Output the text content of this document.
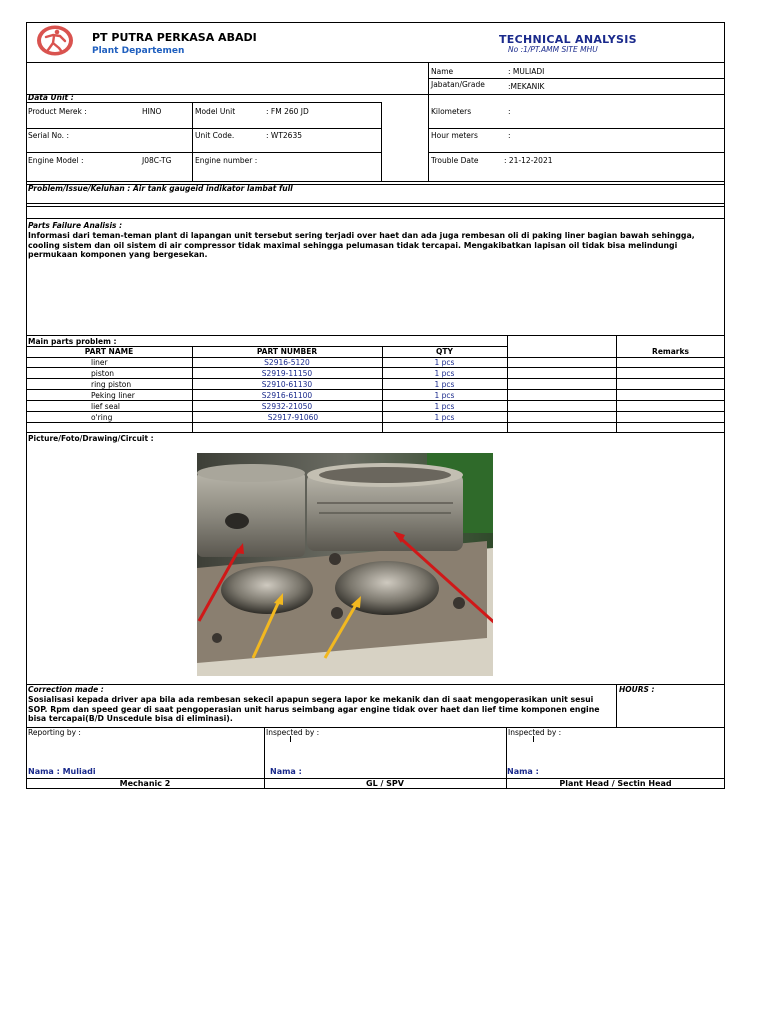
PT PUTRA PERKASA ABADI
Plant Departemen
TECHNICAL ANALYSIS
No :1/PT.AMM SITE MHU
Name	: MULIADI
Jabatan/Grade	:MEKANIK
Data Unit :
Product Merek :	HINO	Model Unit	: FM 260 JD	Kilometers	:
Serial No. :	Unit Code.	: WT2635	Hour meters	:
Engine Model :	J08C-TG	Engine number :	Trouble Date	: 21-12-2021
Problem/Issue/Keluhan : Air tank gaugeid indikator lambat full
Parts Failure Analisis :
Informasi dari teman-teman plant di lapangan unit tersebut sering terjadi over haet dan ada juga rembesan oli di paking liner bagian bawah sehingga, cooling sistem dan oil sistem di air compressor tidak maximal sehingga pelumasan tidak tercapai. Mengakibatkan lapisan oil tidak bisa melindungi permukaan komponen yang bergesekan.
Main parts problem :
PART NAME	PART NUMBER	QTY	Remarks
liner	S2916-5120	1 pcs
piston	S2919-11150	1 pcs
ring piston	S2910-61130	1 pcs
Peking liner	S2916-61100	1 pcs
lief seal	S2932-21050	1 pcs
o'ring	S2917-91060	1 pcs
Picture/Foto/Drawing/Circuit :
Correction made :
Sosialisasi kepada driver apa bila ada rembesan sekecil apapun segera lapor ke mekanik dan di saat mengoperasikan unit sesui SOP. Rpm dan speed gear di saat pengoperasian unit harus seimbang agar engine tidak over haet dan lief time komponen engine bisa tercapai(B/D Unscedule bisa di eliminasi).
HOURS :
Reporting by :	Inspected by :	Inspected by :
Nama : Muliadi	Nama :	Nama :
Mechanic 2	GL / SPV	Plant Head / Sectin Head
